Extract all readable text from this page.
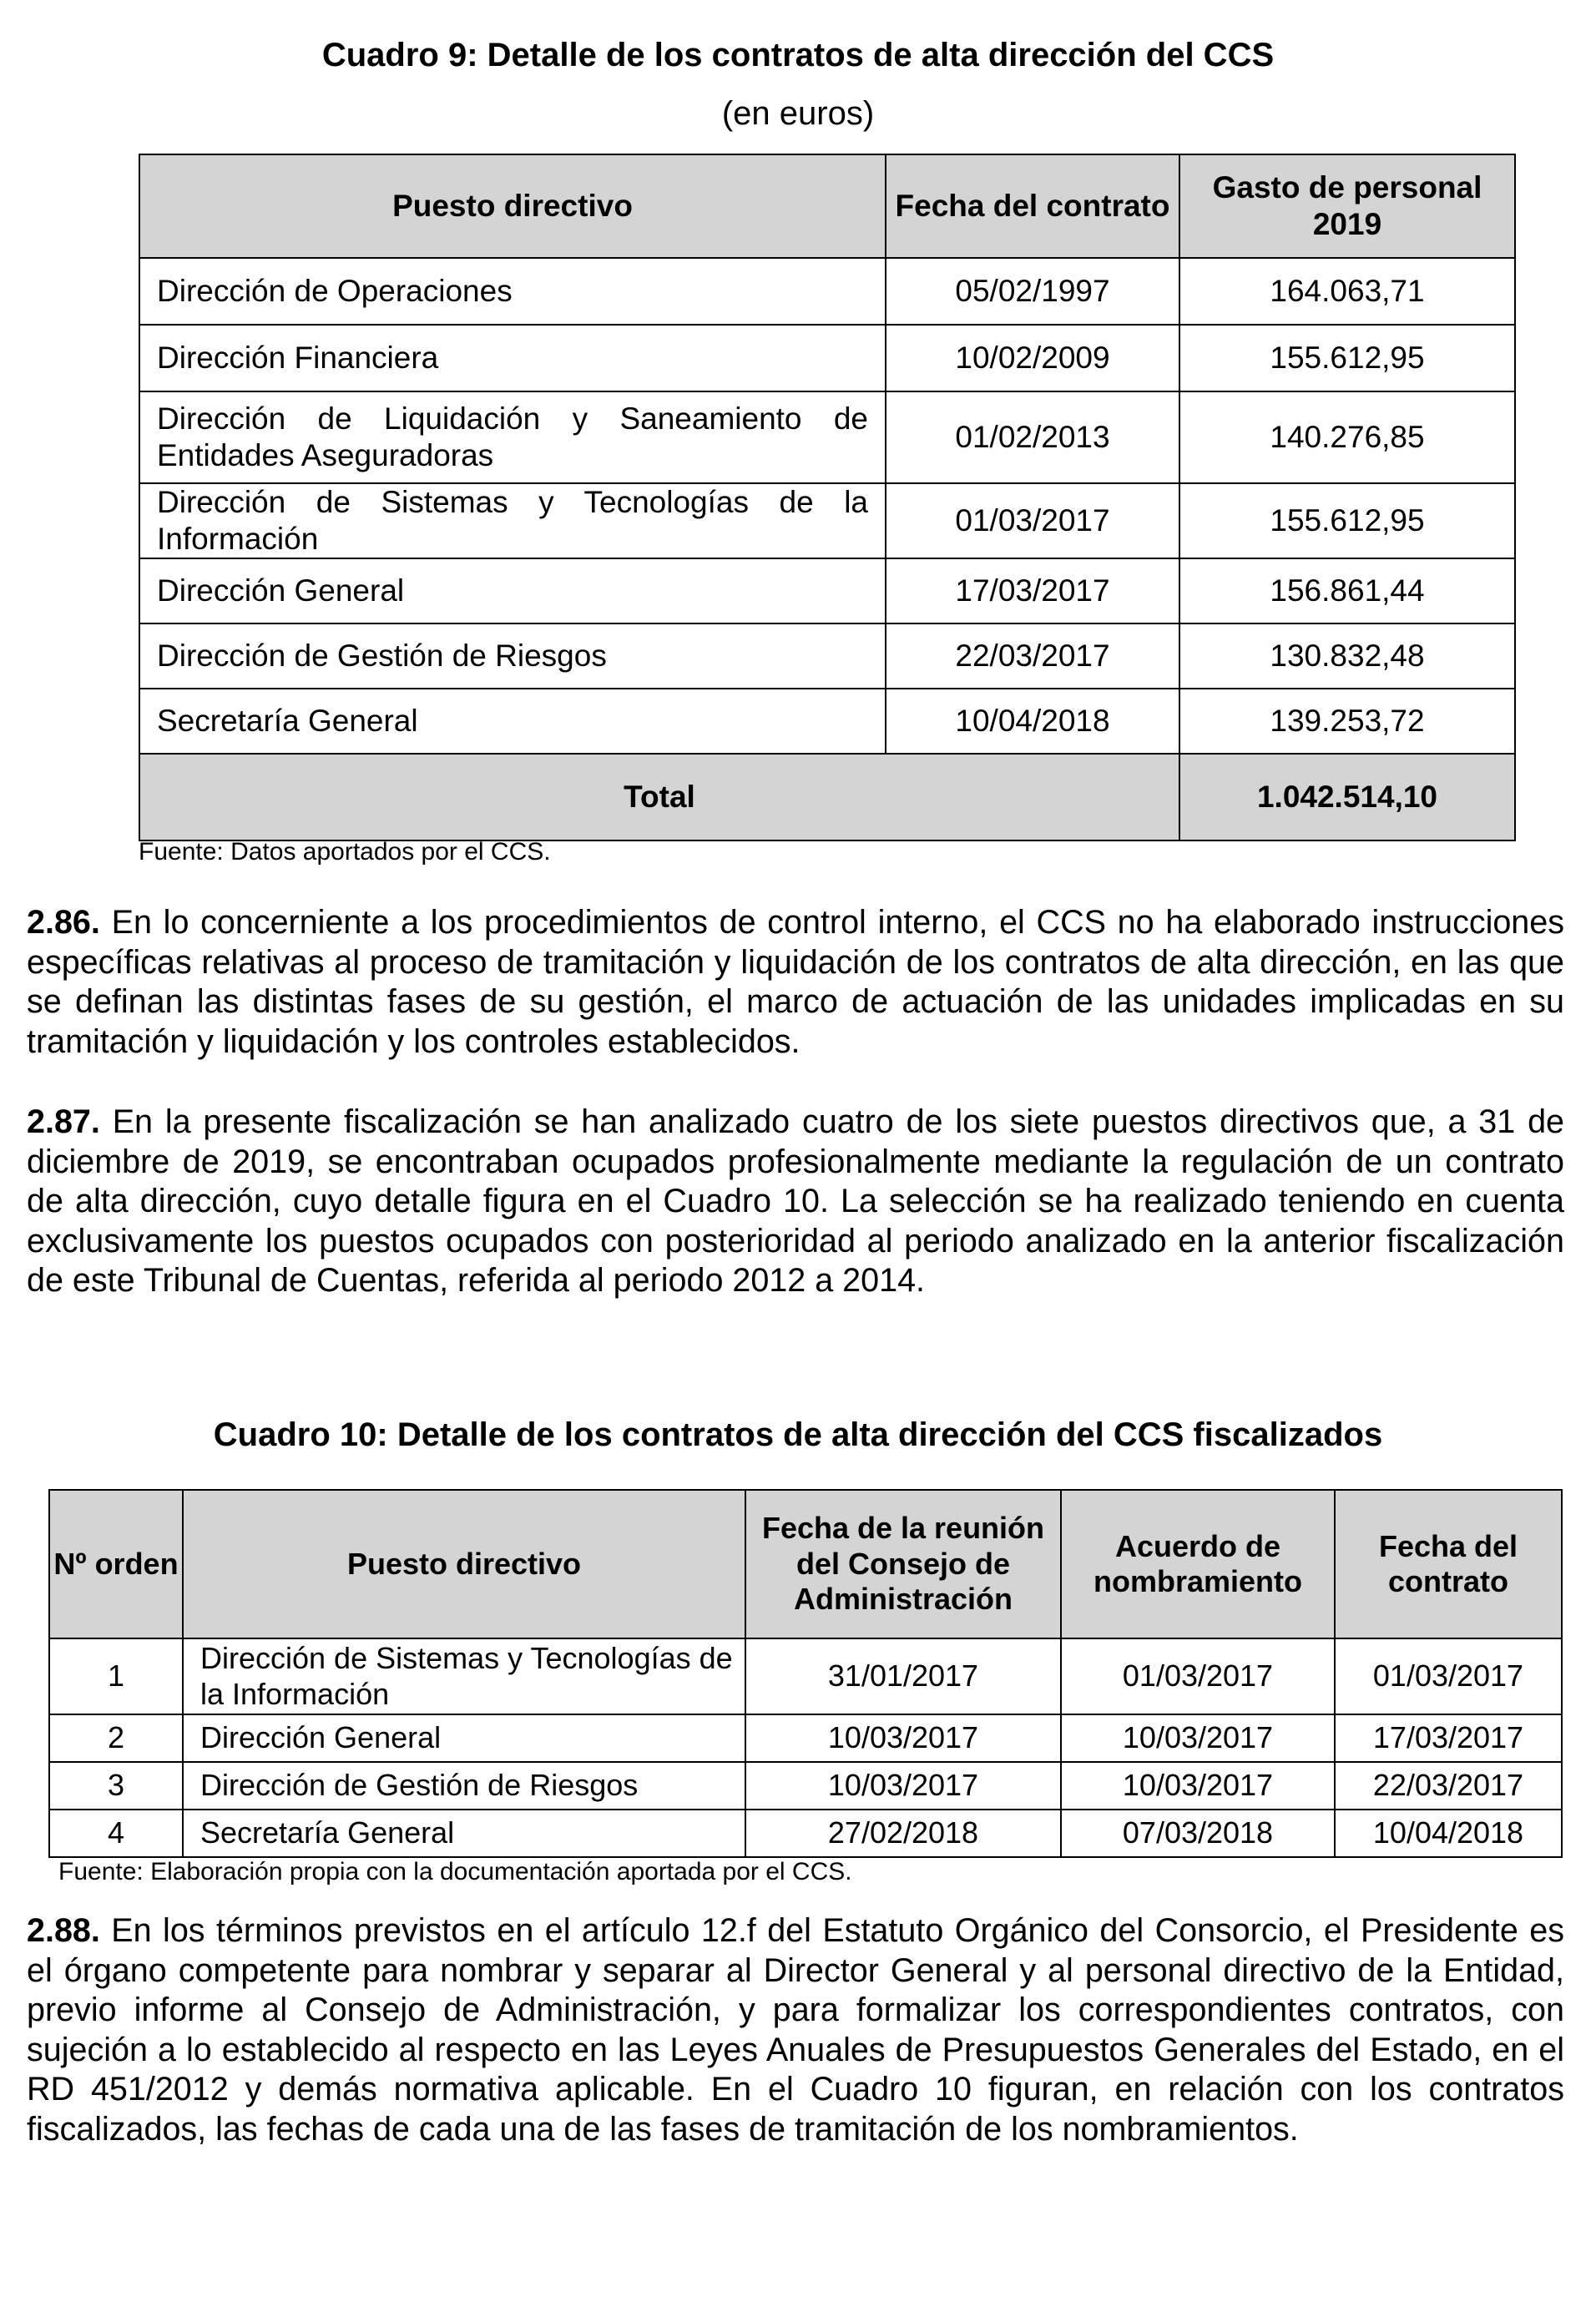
Cuadro 9: Detalle de los contratos de alta dirección del CCS
(en euros)
Puesto directivo	Fecha del contrato	Gasto de personal 2019
Dirección de Operaciones	05/02/1997	164.063,71
Dirección Financiera	10/02/2009	155.612,95
Dirección de Liquidación y Saneamiento de Entidades Aseguradoras	01/02/2013	140.276,85
Dirección de Sistemas y Tecnologías de la Información	01/03/2017	155.612,95
Dirección General	17/03/2017	156.861,44
Dirección de Gestión de Riesgos	22/03/2017	130.832,48
Secretaría General	10/04/2018	139.253,72
Total		1.042.514,10
Fuente: Datos aportados por el CCS.
2.86. En lo concerniente a los procedimientos de control interno, el CCS no ha elaborado instrucciones específicas relativas al proceso de tramitación y liquidación de los contratos de alta dirección, en las que se definan las distintas fases de su gestión, el marco de actuación de las unidades implicadas en su tramitación y liquidación y los controles establecidos.
2.87. En la presente fiscalización se han analizado cuatro de los siete puestos directivos que, a 31 de diciembre de 2019, se encontraban ocupados profesionalmente mediante la regulación de un contrato de alta dirección, cuyo detalle figura en el Cuadro 10. La selección se ha realizado teniendo en cuenta exclusivamente los puestos ocupados con posterioridad al periodo analizado en la anterior fiscalización de este Tribunal de Cuentas, referida al periodo 2012 a 2014.
Cuadro 10: Detalle de los contratos de alta dirección del CCS fiscalizados
Nº orden	Puesto directivo	Fecha de la reunión del Consejo de Administración	Acuerdo de nombramiento	Fecha del contrato
1	Dirección de Sistemas y Tecnologías de la Información	31/01/2017	01/03/2017	01/03/2017
2	Dirección General	10/03/2017	10/03/2017	17/03/2017
3	Dirección de Gestión de Riesgos	10/03/2017	10/03/2017	22/03/2017
4	Secretaría General	27/02/2018	07/03/2018	10/04/2018
Fuente: Elaboración propia con la documentación aportada por el CCS.
2.88. En los términos previstos en el artículo 12.f del Estatuto Orgánico del Consorcio, el Presidente es el órgano competente para nombrar y separar al Director General y al personal directivo de la Entidad, previo informe al Consejo de Administración, y para formalizar los correspondientes contratos, con sujeción a lo establecido al respecto en las Leyes Anuales de Presupuestos Generales del Estado, en el RD 451/2012 y demás normativa aplicable. En el Cuadro 10 figuran, en relación con los contratos fiscalizados, las fechas de cada una de las fases de tramitación de los nombramientos.
